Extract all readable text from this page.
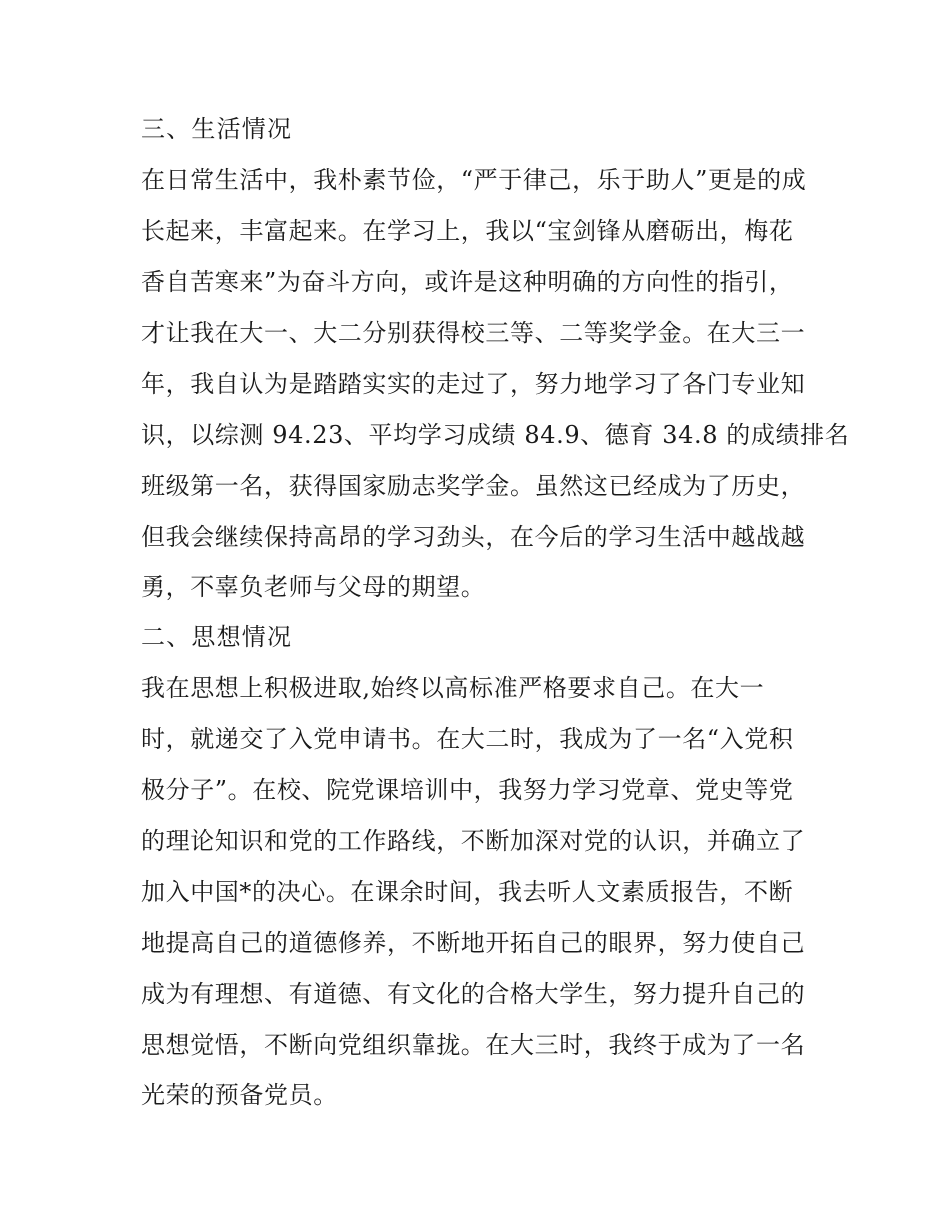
三、生活情况
在日常生活中，我朴素节俭，“严于律己，乐于助人”更是的成
长起来，丰富起来。在学习上，我以“宝剑锋从磨砺出，梅花
香自苦寒来”为奋斗方向，或许是这种明确的方向性的指引，
才让我在大一、大二分别获得校三等、二等奖学金。在大三一
年，我自认为是踏踏实实的走过了，努力地学习了各门专业知
识，以综测 94.23、平均学习成绩 84.9、德育 34.8 的成绩排名
班级第一名，获得国家励志奖学金。虽然这已经成为了历史，
但我会继续保持高昂的学习劲头，在今后的学习生活中越战越
勇，不辜负老师与父母的期望。
二、思想情况
我在思想上积极进取,始终以高标准严格要求自己。在大一
时，就递交了入党申请书。在大二时，我成为了一名“入党积
极分子”。在校、院党课培训中，我努力学习党章、党史等党
的理论知识和党的工作路线，不断加深对党的认识，并确立了
加入中国*的决心。在课余时间，我去听人文素质报告，不断
地提高自己的道德修养，不断地开拓自己的眼界，努力使自己
成为有理想、有道德、有文化的合格大学生，努力提升自己的
思想觉悟，不断向党组织靠拢。在大三时，我终于成为了一名
光荣的预备党员。
